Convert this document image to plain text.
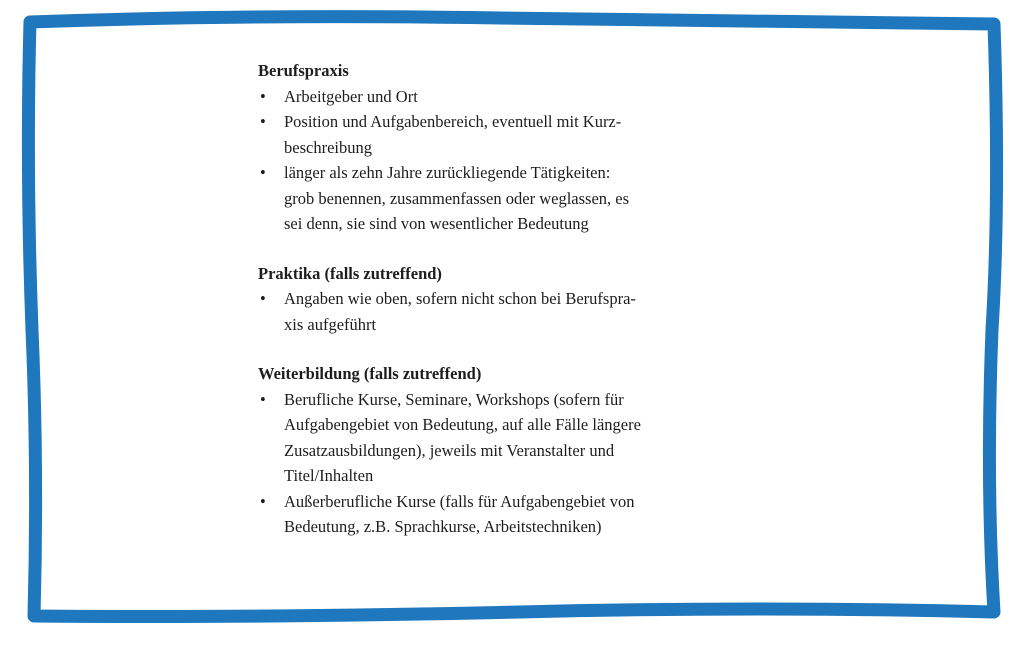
Berufspraxis

• Arbeitgeber und Ort
• Position und Aufgabenbereich, eventuell mit Kurz-
beschreibung
• länger als zehn Jahre zurückliegende Tätigkeiten:
grob benennen, zusammenfassen oder weglassen, es
sei denn, sie sind von wesentlicher Bedeutung

Praktika (falls zutreffend)

• Angaben wie oben, sofern nicht schon bei Berufspra-
xis aufgeführt

Weiterbildung (falls zutreffend)

• Berufliche Kurse, Seminare, Workshops (sofern für
Aufgabengebiet von Bedeutung, auf alle Fälle längere
Zusatzausbildungen), jeweils mit Veranstalter und
Titel/Inhalten
• Außerberufliche Kurse (falls für Aufgabengebiet von
Bedeutung, z.B. Sprachkurse, Arbeitstechniken)
